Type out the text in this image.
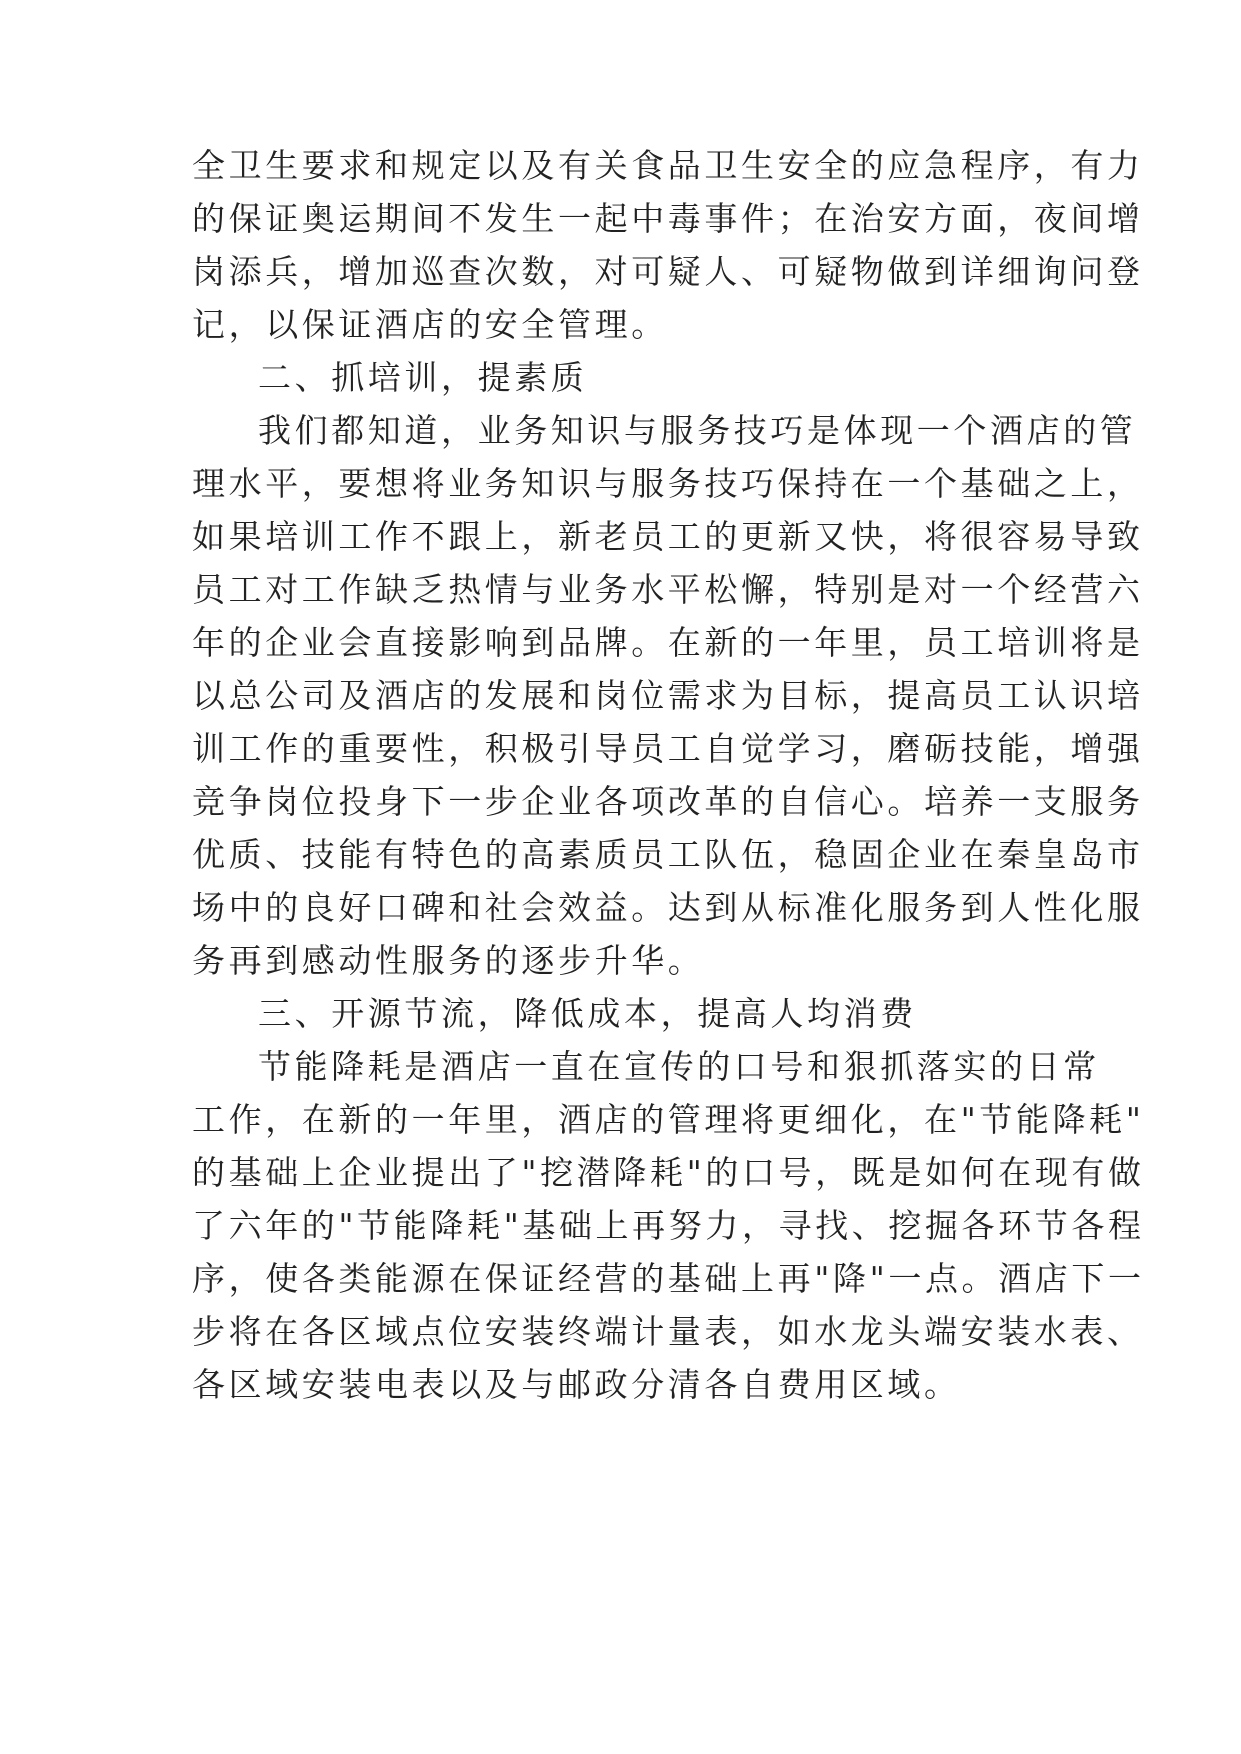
全卫生要求和规定以及有关食品卫生安全的应急程序，有力
的保证奥运期间不发生一起中毒事件；在治安方面，夜间增
岗添兵，增加巡查次数，对可疑人、可疑物做到详细询问登
记，以保证酒店的安全管理。
二、抓培训，提素质
我们都知道，业务知识与服务技巧是体现一个酒店的管
理水平，要想将业务知识与服务技巧保持在一个基础之上，
如果培训工作不跟上，新老员工的更新又快，将很容易导致
员工对工作缺乏热情与业务水平松懈，特别是对一个经营六
年的企业会直接影响到品牌。在新的一年里，员工培训将是
以总公司及酒店的发展和岗位需求为目标，提高员工认识培
训工作的重要性，积极引导员工自觉学习，磨砺技能，增强
竞争岗位投身下一步企业各项改革的自信心。培养一支服务
优质、技能有特色的高素质员工队伍，稳固企业在秦皇岛市
场中的良好口碑和社会效益。达到从标准化服务到人性化服
务再到感动性服务的逐步升华。
三、开源节流，降低成本，提高人均消费
节能降耗是酒店一直在宣传的口号和狠抓落实的日常
工作，在新的一年里，酒店的管理将更细化，在"节能降耗"
的基础上企业提出了"挖潜降耗"的口号，既是如何在现有做
了六年的"节能降耗"基础上再努力，寻找、挖掘各环节各程
序，使各类能源在保证经营的基础上再"降"一点。酒店下一
步将在各区域点位安装终端计量表，如水龙头端安装水表、
各区域安装电表以及与邮政分清各自费用区域。
